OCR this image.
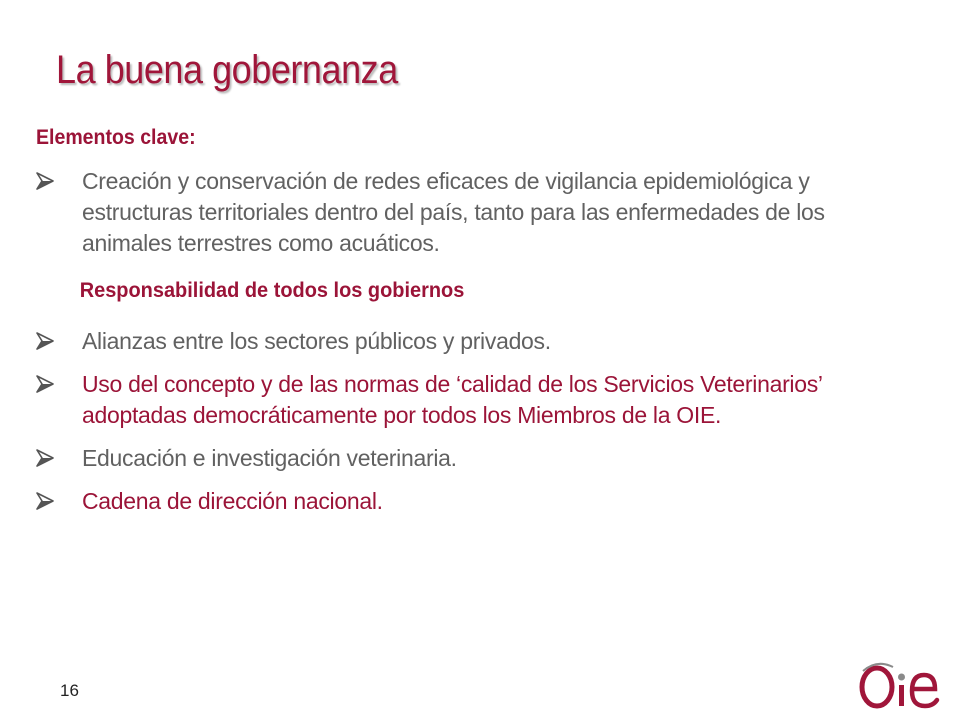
La buena gobernanza
Elementos clave:
Creación y conservación de redes eficaces de vigilancia epidemiológica y estructuras territoriales dentro del país, tanto para las enfermedades de los animales terrestres como acuáticos.
Responsabilidad de todos los gobiernos
Alianzas entre los sectores públicos y privados.
Uso del concepto y de las normas de ‘calidad de los Servicios Veterinarios’ adoptadas democráticamente por todos los Miembros de la OIE.
Educación e investigación veterinaria.
Cadena de dirección nacional.
16
